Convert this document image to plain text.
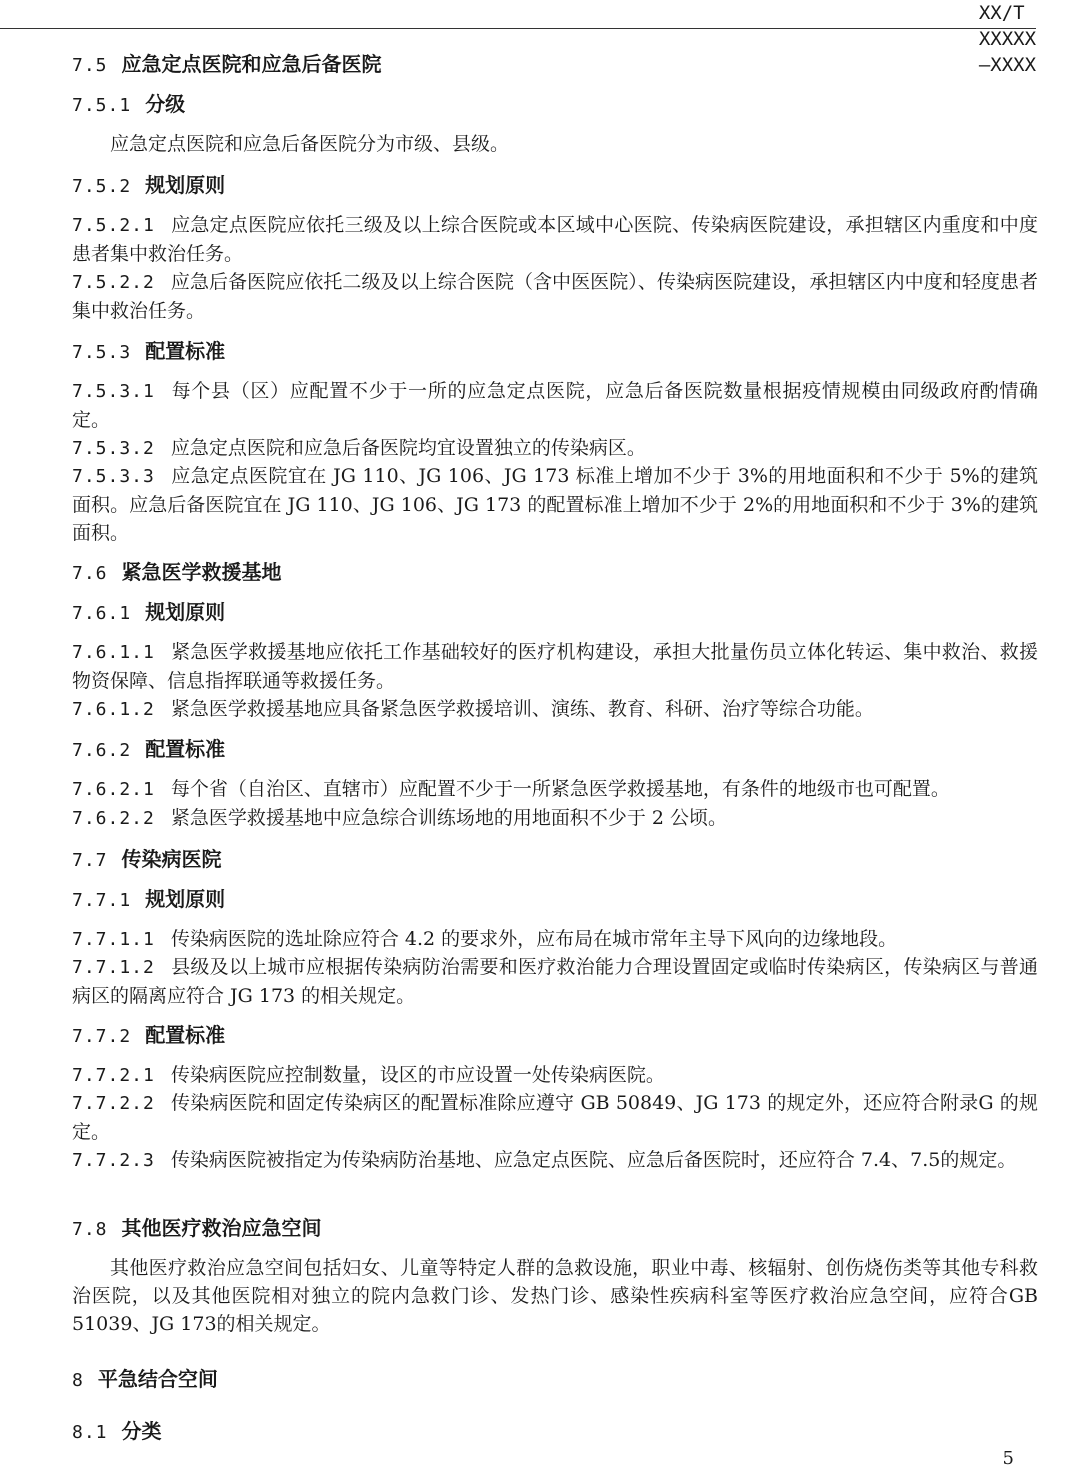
XX/T XXXXX—XXXX
7.5 应急定点医院和应急后备医院
7.5.1 分级
应急定点医院和应急后备医院分为市级、县级。
7.5.2 规划原则
7.5.2.1 应急定点医院应依托三级及以上综合医院或本区域中心医院、传染病医院建设，承担辖区内重度和中度患者集中救治任务。
7.5.2.2 应急后备医院应依托二级及以上综合医院（含中医医院）、传染病医院建设，承担辖区内中度和轻度患者集中救治任务。
7.5.3 配置标准
7.5.3.1 每个县（区）应配置不少于一所的应急定点医院，应急后备医院数量根据疫情规模由同级政府酌情确定。
7.5.3.2 应急定点医院和应急后备医院均宜设置独立的传染病区。
7.5.3.3 应急定点医院宜在 JG 110、JG 106、JG 173 标准上增加不少于 3%的用地面积和不少于 5%的建筑面积。应急后备医院宜在 JG 110、JG 106、JG 173 的配置标准上增加不少于 2%的用地面积和不少于 3%的建筑面积。
7.6 紧急医学救援基地
7.6.1 规划原则
7.6.1.1 紧急医学救援基地应依托工作基础较好的医疗机构建设，承担大批量伤员立体化转运、集中救治、救援物资保障、信息指挥联通等救援任务。
7.6.1.2 紧急医学救援基地应具备紧急医学救援培训、演练、教育、科研、治疗等综合功能。
7.6.2 配置标准
7.6.2.1 每个省（自治区、直辖市）应配置不少于一所紧急医学救援基地，有条件的地级市也可配置。
7.6.2.2 紧急医学救援基地中应急综合训练场地的用地面积不少于 2 公顷。
7.7 传染病医院
7.7.1 规划原则
7.7.1.1 传染病医院的选址除应符合 4.2 的要求外，应布局在城市常年主导下风向的边缘地段。
7.7.1.2 县级及以上城市应根据传染病防治需要和医疗救治能力合理设置固定或临时传染病区，传染病区与普通病区的隔离应符合 JG 173 的相关规定。
7.7.2 配置标准
7.7.2.1 传染病医院应控制数量，设区的市应设置一处传染病医院。
7.7.2.2 传染病医院和固定传染病区的配置标准除应遵守 GB 50849、JG 173 的规定外，还应符合附录G 的规定。
7.7.2.3 传染病医院被指定为传染病防治基地、应急定点医院、应急后备医院时，还应符合 7.4、7.5的规定。
7.8 其他医疗救治应急空间
其他医疗救治应急空间包括妇女、儿童等特定人群的急救设施，职业中毒、核辐射、创伤烧伤类等其他专科救治医院，以及其他医院相对独立的院内急救门诊、发热门诊、感染性疾病科室等医疗救治应急空间，应符合GB 51039、JG 173的相关规定。
8 平急结合空间
8.1 分类
5
